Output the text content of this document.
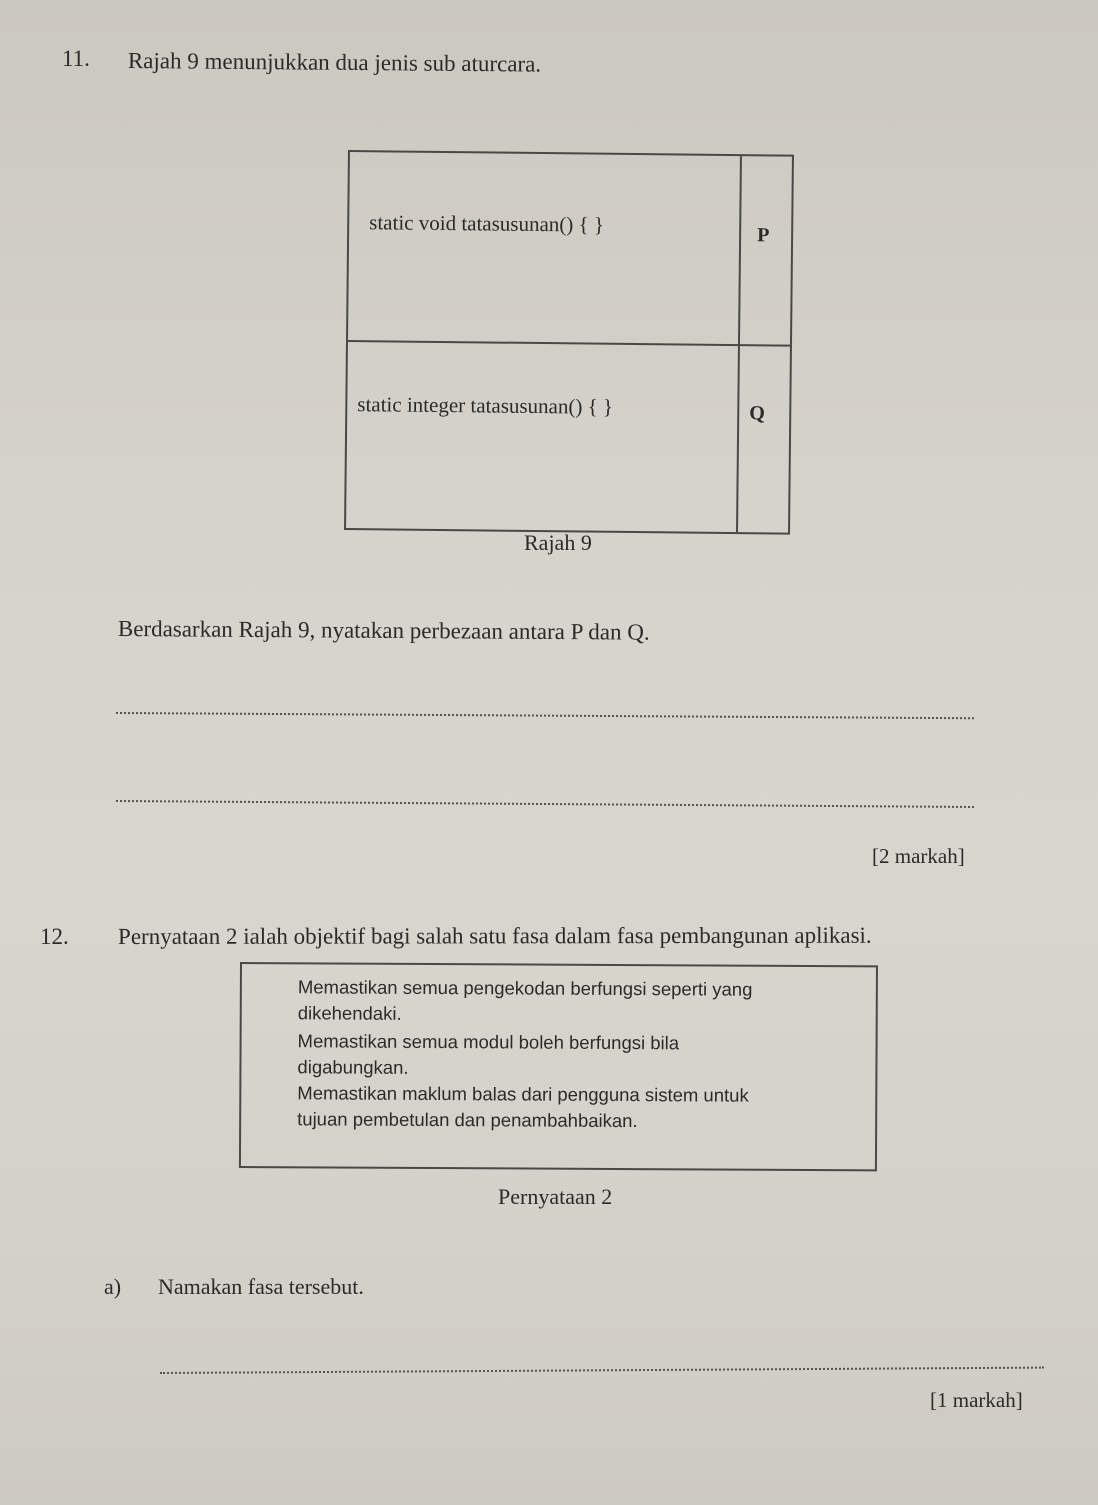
11. Rajah 9 menunjukkan dua jenis sub aturcara.
static void tatasusunan() { }	P
static integer tatasusunan() { }	Q
Rajah 9
Berdasarkan Rajah 9, nyatakan perbezaan antara P dan Q.
[2 markah]
12. Pernyataan 2 ialah objektif bagi salah satu fasa dalam fasa pembangunan aplikasi.
Memastikan semua pengekodan berfungsi seperti yang
dikehendaki.
Memastikan semua modul boleh berfungsi bila
digabungkan.
Memastikan maklum balas dari pengguna sistem untuk
tujuan pembetulan dan penambahbaikan.
Pernyataan 2
a) Namakan fasa tersebut.
[1 markah]
